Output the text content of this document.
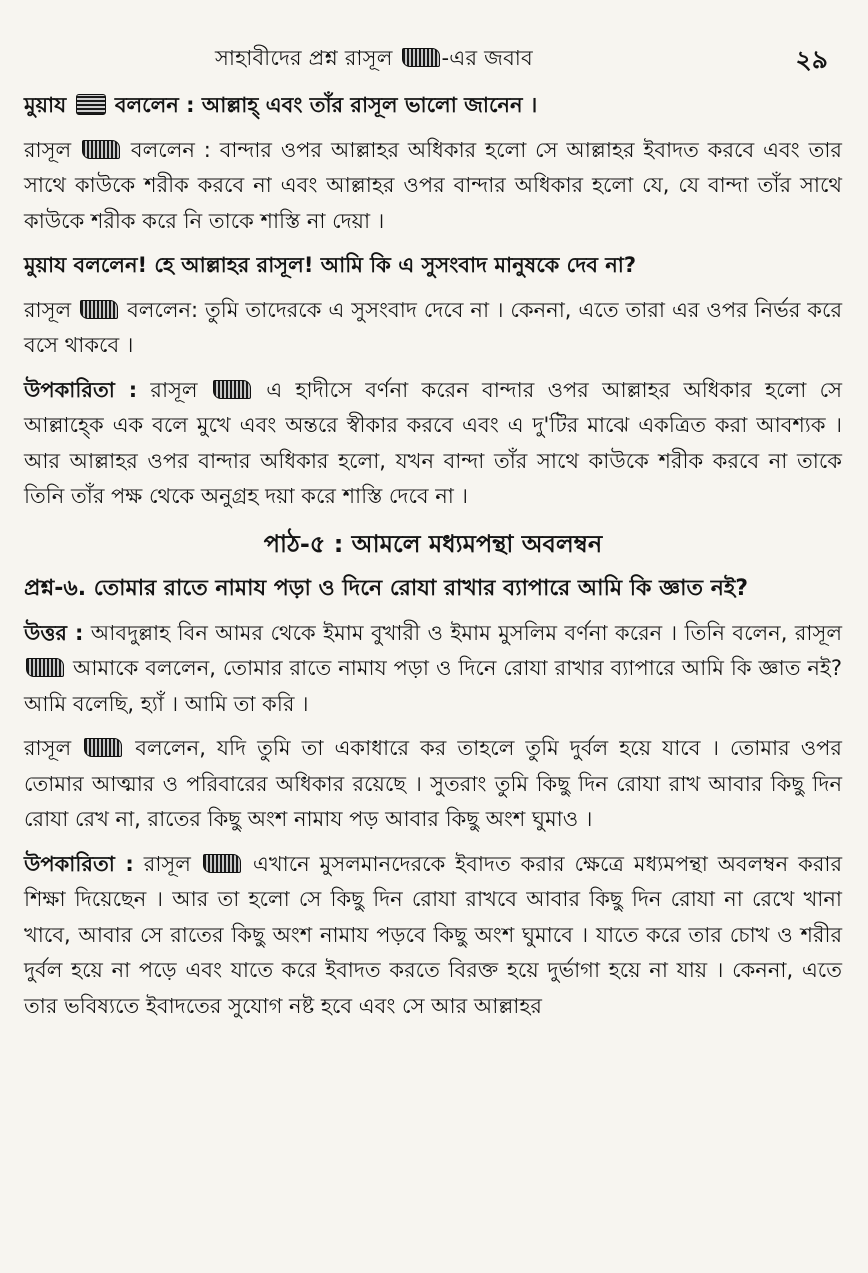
সাহাবীদের প্রশ্ন রাসূল -এর জবাব	২৯

মুয়ায বললেন : আল্লাহ্ এবং তাঁর রাসূল ভালো জানেন ।

রাসূল	বললেন : বান্দার ওপর আল্লাহর অধিকার হলো সে আল্লাহর ইবাদত করবে এবং তার সাথে কাউকে শরীক করবে না এবং আল্লাহর ওপর বান্দার অধিকার হলো যে, যে বান্দা তাঁর সাথে কাউকে শরীক করে নি তাকে শাস্তি না দেয়া ।

মুয়ায বললেন! হে আল্লাহর রাসূল! আমি কি এ সুসংবাদ মানুষকে দেব না?

রাসূল	বললেন: তুমি তাদেরকে এ সুসংবাদ দেবে না । কেননা, এতে তারা এর ওপর নির্ভর করে বসে থাকবে ।

উপকারিতা : রাসূল	এ হাদীসে বর্ণনা করেন বান্দার ওপর আল্লাহর অধিকার হলো সে আল্লাহ্কে এক বলে মুখে এবং অন্তরে স্বীকার করবে এবং এ দু'টির মাঝে একত্রিত করা আবশ্যক । আর আল্লাহর ওপর বান্দার অধিকার হলো, যখন বান্দা তাঁর সাথে কাউকে শরীক করবে না তাকে তিনি তাঁর পক্ষ থেকে অনুগ্রহ দয়া করে শাস্তি দেবে না ।

পাঠ-৫ : আমলে মধ্যমপন্থা অবলম্বন

প্রশ্ন-৬. তোমার রাতে নামায পড়া ও দিনে রোযা রাখার ব্যাপারে আমি কি জ্ঞাত নই?

উত্তর : আবদুল্লাহ বিন আমর থেকে ইমাম বুখারী ও ইমাম মুসলিম বর্ণনা করেন । তিনি বলেন, রাসূল  আমাকে বললেন, তোমার রাতে নামায পড়া ও দিনে রোযা রাখার ব্যাপারে আমি কি জ্ঞাত নই? আমি বলেছি, হ্যাঁ । আমি তা করি ।

রাসূল	বললেন, যদি তুমি তা একাধারে কর তাহলে তুমি দুর্বল হয়ে যাবে । তোমার ওপর তোমার আত্মার ও পরিবারের অধিকার রয়েছে । সুতরাং তুমি কিছু দিন রোযা রাখ আবার কিছু দিন রোযা রেখ না, রাতের কিছু অংশ নামায পড় আবার কিছু অংশ ঘুমাও ।

উপকারিতা : রাসূল	এখানে মুসলমানদেরকে ইবাদত করার ক্ষেত্রে মধ্যমপন্থা অবলম্বন করার শিক্ষা দিয়েছেন । আর তা হলো সে কিছু দিন রোযা রাখবে আবার কিছু দিন রোযা না রেখে খানা খাবে, আবার সে রাতের কিছু অংশ নামায পড়বে কিছু অংশ ঘুমাবে । যাতে করে তার চোখ ও শরীর দুর্বল হয়ে না পড়ে এবং যাতে করে ইবাদত করতে বিরক্ত হয়ে দুর্ভাগা হয়ে না যায় । কেননা, এতে তার ভবিষ্যতে ইবাদতের সুযোগ নষ্ট হবে এবং সে আর আল্লাহর
